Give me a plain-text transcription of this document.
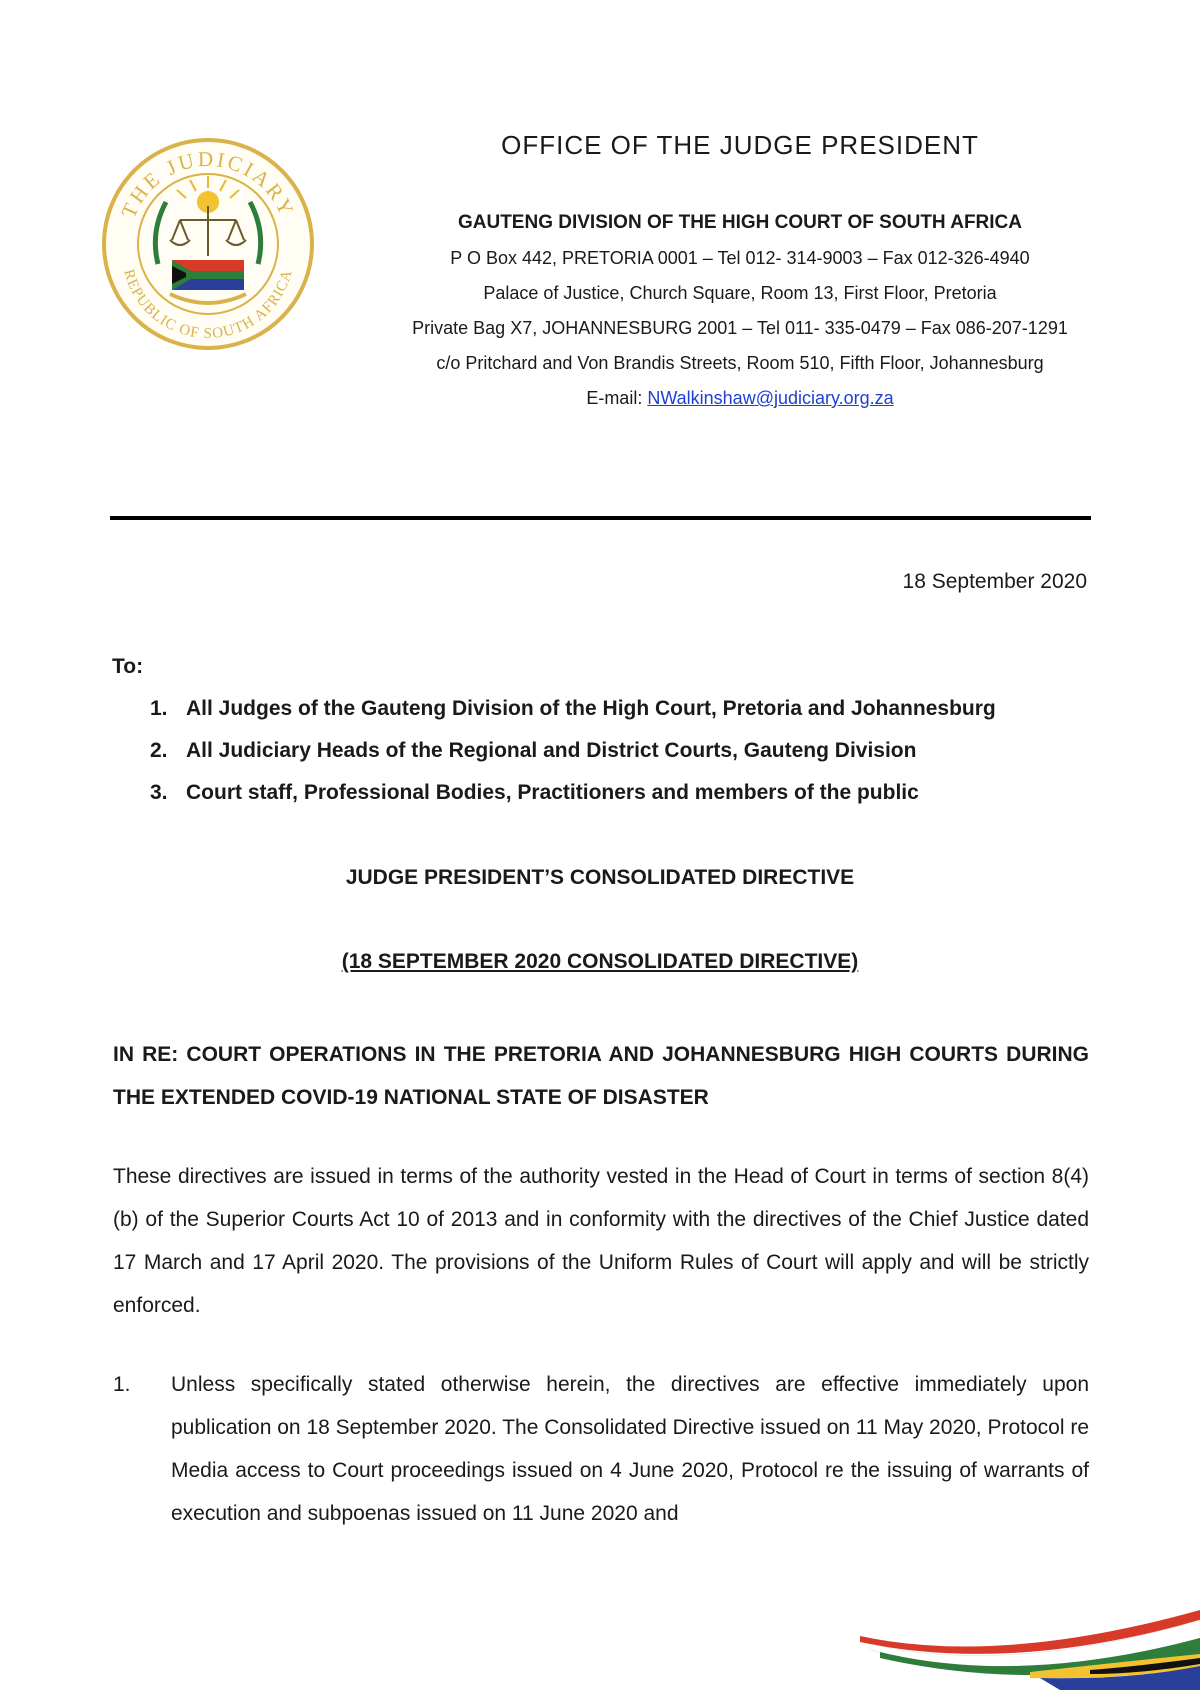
THE JUDICIARY
REPUBLIC OF SOUTH AFRICA
OFFICE OF THE JUDGE PRESIDENT
GAUTENG DIVISION OF THE HIGH COURT OF SOUTH AFRICA
P O Box 442, PRETORIA 0001 – Tel 012- 314-9003 – Fax 012-326-4940
Palace of Justice, Church Square, Room 13, First Floor, Pretoria
Private Bag X7, JOHANNESBURG 2001 – Tel 011- 335-0479 – Fax 086-207-1291
c/o Pritchard and Von Brandis Streets, Room 510, Fifth Floor, Johannesburg
E-mail: NWalkinshaw@judiciary.org.za
18 September 2020
To:
1. All Judges of the Gauteng Division of the High Court, Pretoria and Johannesburg
2. All Judiciary Heads of the Regional and District Courts, Gauteng Division
3. Court staff, Professional Bodies, Practitioners and members of the public
JUDGE PRESIDENT’S CONSOLIDATED DIRECTIVE
(18 SEPTEMBER 2020 CONSOLIDATED DIRECTIVE)
IN RE: COURT OPERATIONS IN THE PRETORIA AND JOHANNESBURG HIGH COURTS DURING THE EXTENDED COVID-19 NATIONAL STATE OF DISASTER
These directives are issued in terms of the authority vested in the Head of Court in terms of section 8(4) (b) of the Superior Courts Act 10 of 2013 and in conformity with the directives of the Chief Justice dated 17 March and 17 April 2020. The provisions of the Uniform Rules of Court will apply and will be strictly enforced.
1. Unless specifically stated otherwise herein, the directives are effective immediately upon publication on 18 September 2020. The Consolidated Directive issued on 11 May 2020, Protocol re Media access to Court proceedings issued on 4 June 2020, Protocol re the issuing of warrants of execution and subpoenas issued on 11 June 2020 and
